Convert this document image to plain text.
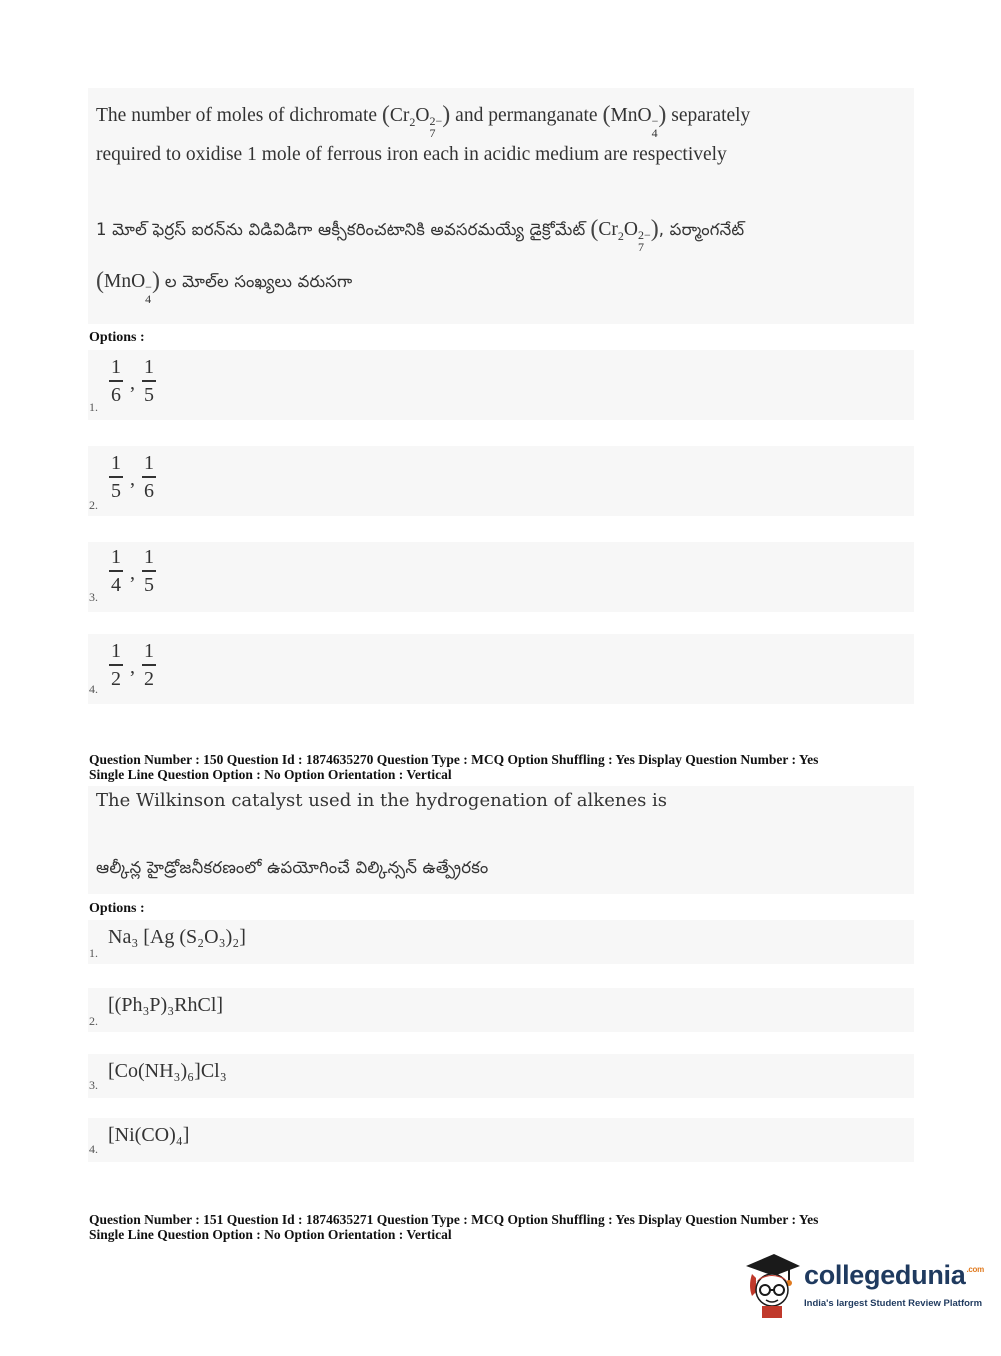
The number of moles of dichromate ($Cr_2O$ 2−
7
) and permanganate (MnO −
4
) separately
required to oxidise 1 mole of ferrous iron each in acidic medium are respectively
1 మోల్ ఫెర్రస్ ఐరన్‌ను విడివిడిగా ఆక్సీకరించటానికి అవసరమయ్యే డైక్రోమేట్ ($Cr_2O$ 2−
7
), పర్మాంగనేట్
(MnO −
4
) ల మోల్‌ల సంఖ్యలు వరుసగా
Options :
1.
$\frac{1}{6}$ , $\frac{1}{5}$
2.
$\frac{1}{5}$ , $\frac{1}{6}$
3.
$\frac{1}{4}$ , $\frac{1}{5}$
4. $\frac{1}{2}$ , $\frac{1}{2}$
Question Number : 150 Question Id : 1874635270 Question Type : MCQ Option Shuffling : Yes Display Question Number : Yes
Single Line Question Option : No Option Orientation : Vertical
The Wilkinson catalyst used in the hydrogenation of alkenes is
ఆల్కీన్ల హైడ్రోజనీకరణంలో ఉపయోగించే విల్కిన్సన్ ఉత్ప్రేరకం
Options :
1.
Na₃ [Ag (S₂O₃)₂]
2.
[(Ph₃P)₃RhCl]
3.
[Co(NH₃)₆]Cl₃
4.
[Ni(CO)₄]
Question Number : 151 Question Id : 1874635271 Question Type : MCQ Option Shuffling : Yes Display Question Number : Yes
Single Line Question Option : No Option Orientation : Vertical
collegedunia$^{.com}$
India's largest Student Review Platform
